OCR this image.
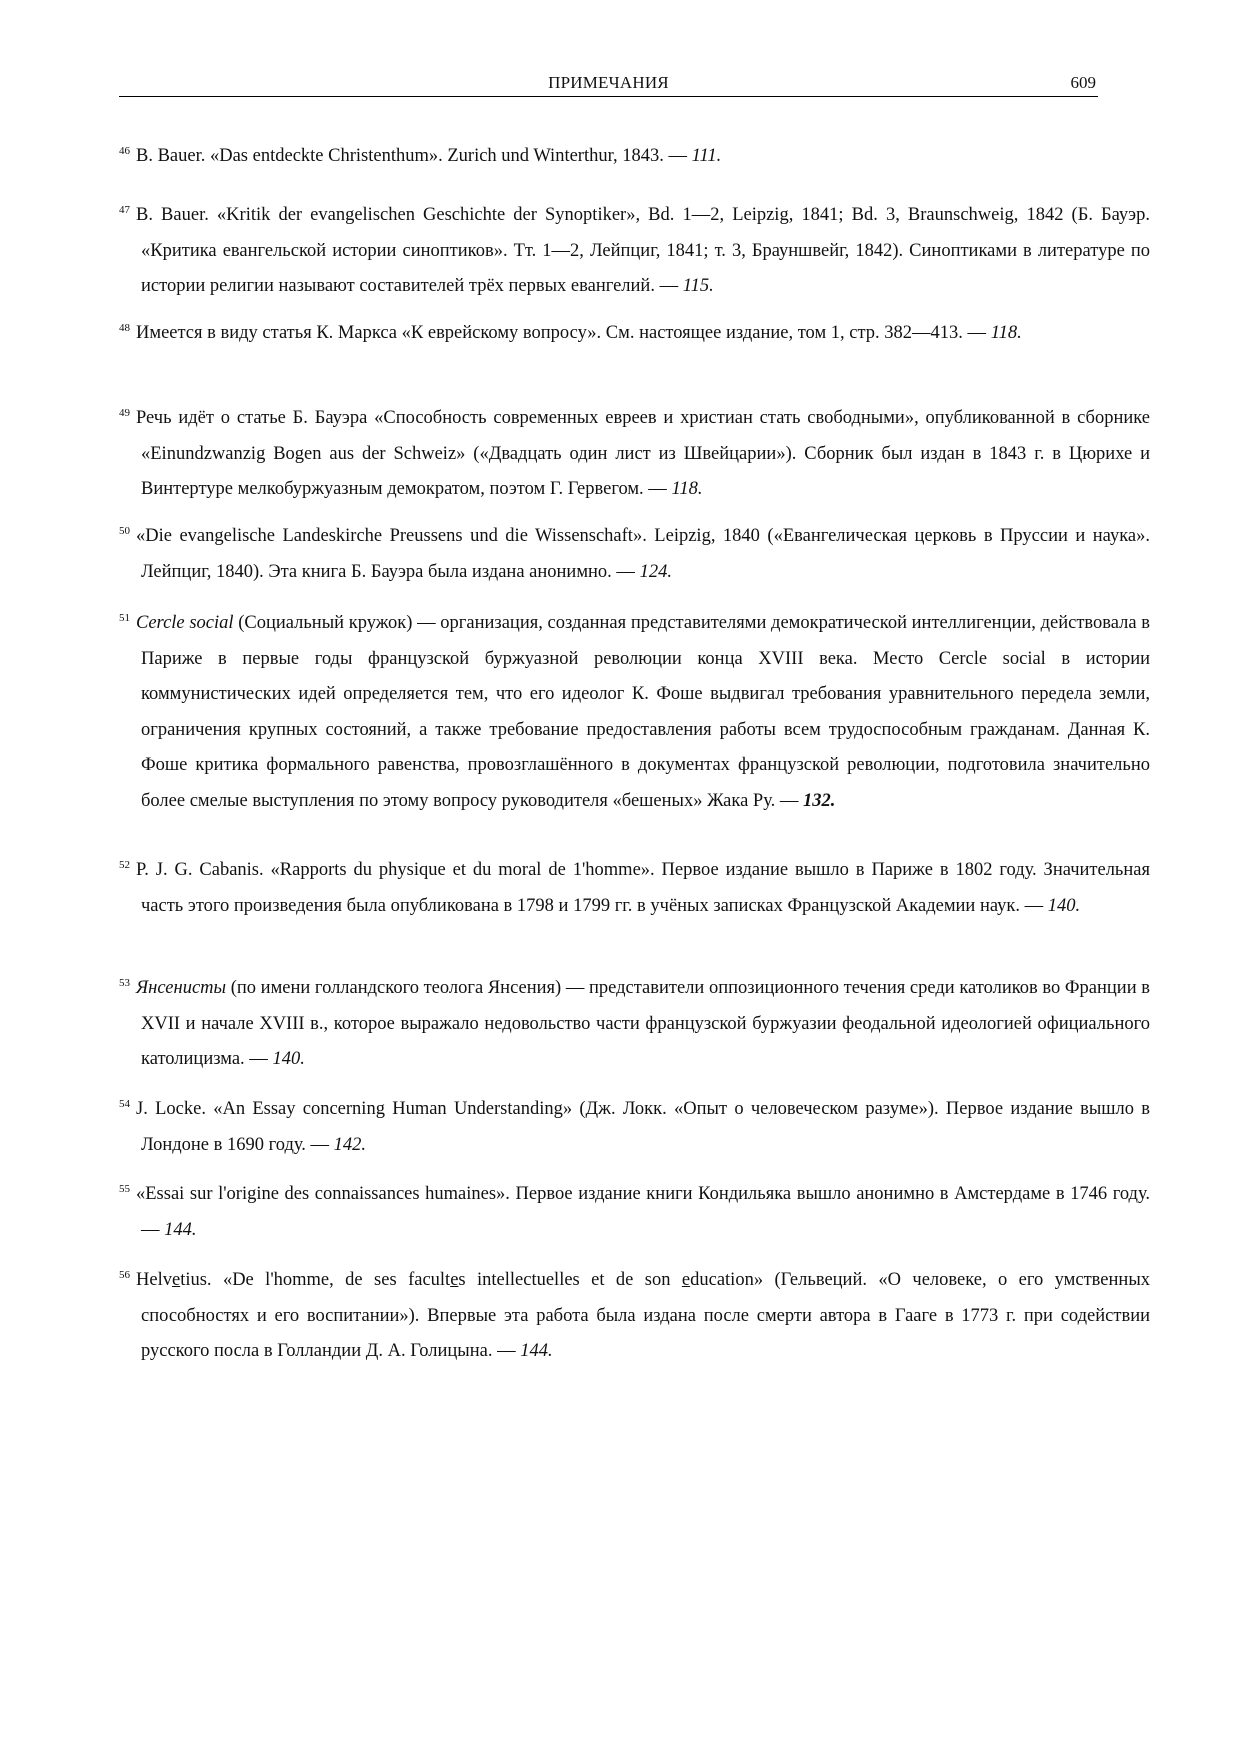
ПРИМЕЧАНИЯ	609

$^{46}$ B. Bauer. «Das entdeckte Christenthum». Zurich und Winterthur, 1843. — 111.

$^{47}$ B. Bauer. «Kritik der evangelischen Geschichte der Synoptiker», Bd. 1—2, Leipzig, 1841; Bd. 3, Braunschweig, 1842 (Б. Бауэр. «Критика евангельской истории синоптиков». Тт. 1—2, Лейпциг, 1841; т. 3, Брауншвейг, 1842). Синоптиками в литературе по истории религии называют составителей трёх первых евангелий. — 115.

$^{48}$ Имеется в виду статья К. Маркса «К еврейскому вопросу». См. настоящее издание, том 1, стр. 382—413. — 118.

$^{49}$ Речь идёт о статье Б. Бауэра «Способность современных евреев и христиан стать свободными», опубликованной в сборнике «Einundzwanzig Bogen aus der Schweiz» («Двадцать один лист из Швейцарии»). Сборник был издан в 1843 г. в Цюрихе и Винтертуре мелкобуржуазным демократом, поэтом Г. Гервегом. — 118.

$^{50}$ «Die evangelische Landeskirche Preussens und die Wissenschaft». Leipzig, 1840 («Евангелическая церковь в Пруссии и наука». Лейпциг, 1840). Эта книга Б. Бауэра была издана анонимно. — 124.

$^{51}$ Cercle social (Социальный кружок) — организация, созданная представителями демократической интеллигенции, действовала в Париже в первые годы французской буржуазной революции конца XVIII века. Место Cercle social в истории коммунистических идей определяется тем, что его идеолог К. Фоше выдвигал требования уравнительного передела земли, ограничения крупных состояний, а также требование предоставления работы всем трудоспособным гражданам. Данная К. Фоше критика формального равенства, провозглашённого в документах французской революции, подготовила значительно более смелые выступления по этому вопросу руководителя «бешеных» Жака Ру. — 132.

$^{52}$ P. J. G. Cabanis. «Rapports du physique et du moral de 1'homme». Первое издание вышло в Париже в 1802 году. Значительная часть этого произведения была опубликована в 1798 и 1799 гг. в учёных записках Французской Академии наук. — 140.

$^{53}$ Янсенисты (по имени голландского теолога Янсения) — представители оппозиционного течения среди католиков во Франции в XVII и начале XVIII в., которое выражало недовольство части французской буржуазии феодальной идеологией официального католицизма. — 140.

$^{54}$ J. Locke. «An Essay concerning Human Understanding» (Дж. Локк. «Опыт о человеческом разуме»). Первое издание вышло в Лондоне в 1690 году. — 142.

$^{55}$ «Essai sur l'origine des connaissances humaines». Первое издание книги Кондильяка вышло анонимно в Амстердаме в 1746 году. — 144.

$^{56}$ Helvetius. «De l'homme, de ses facultes intellectuelles et de son education» (Гельвеций. «О человеке, о его умственных способностях и его воспитании»). Впервые эта работа была издана после смерти автора в Гааге в 1773 г. при содействии русского посла в Голландии Д. А. Голицына. — 144.
